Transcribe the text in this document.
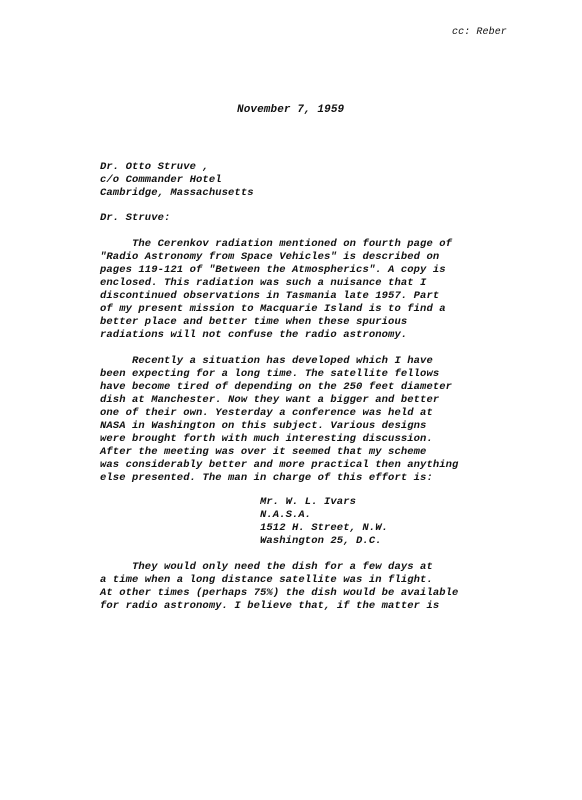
cc: Reber
November 7, 1959
Dr. Otto Struve ,
c/o Commander Hotel
Cambridge, Massachusetts
Dr. Struve:
The Cerenkov radiation mentioned on fourth page of
"Radio Astronomy from Space Vehicles" is described on
pages 119-121 of "Between the Atmospherics". A copy is
enclosed. This radiation was such a nuisance that I
discontinued observations in Tasmania late 1957. Part
of my present mission to Macquarie Island is to find a
better place and better time when these spurious
radiations will not confuse the radio astronomy.
Recently a situation has developed which I have
been expecting for a long time. The satellite fellows
have become tired of depending on the 250 feet diameter
dish at Manchester. Now they want a bigger and better
one of their own. Yesterday a conference was held at
NASA in Washington on this subject. Various designs
were brought forth with much interesting discussion.
After the meeting was over it seemed that my scheme
was considerably better and more practical then anything
else presented. The man in charge of this effort is:
Mr. W. L. Ivars
N.A.S.A.
1512 H. Street, N.W.
Washington 25, D.C.
They would only need the dish for a few days at
a time when a long distance satellite was in flight.
At other times (perhaps 75%) the dish would be available
for radio astronomy. I believe that, if the matter is
